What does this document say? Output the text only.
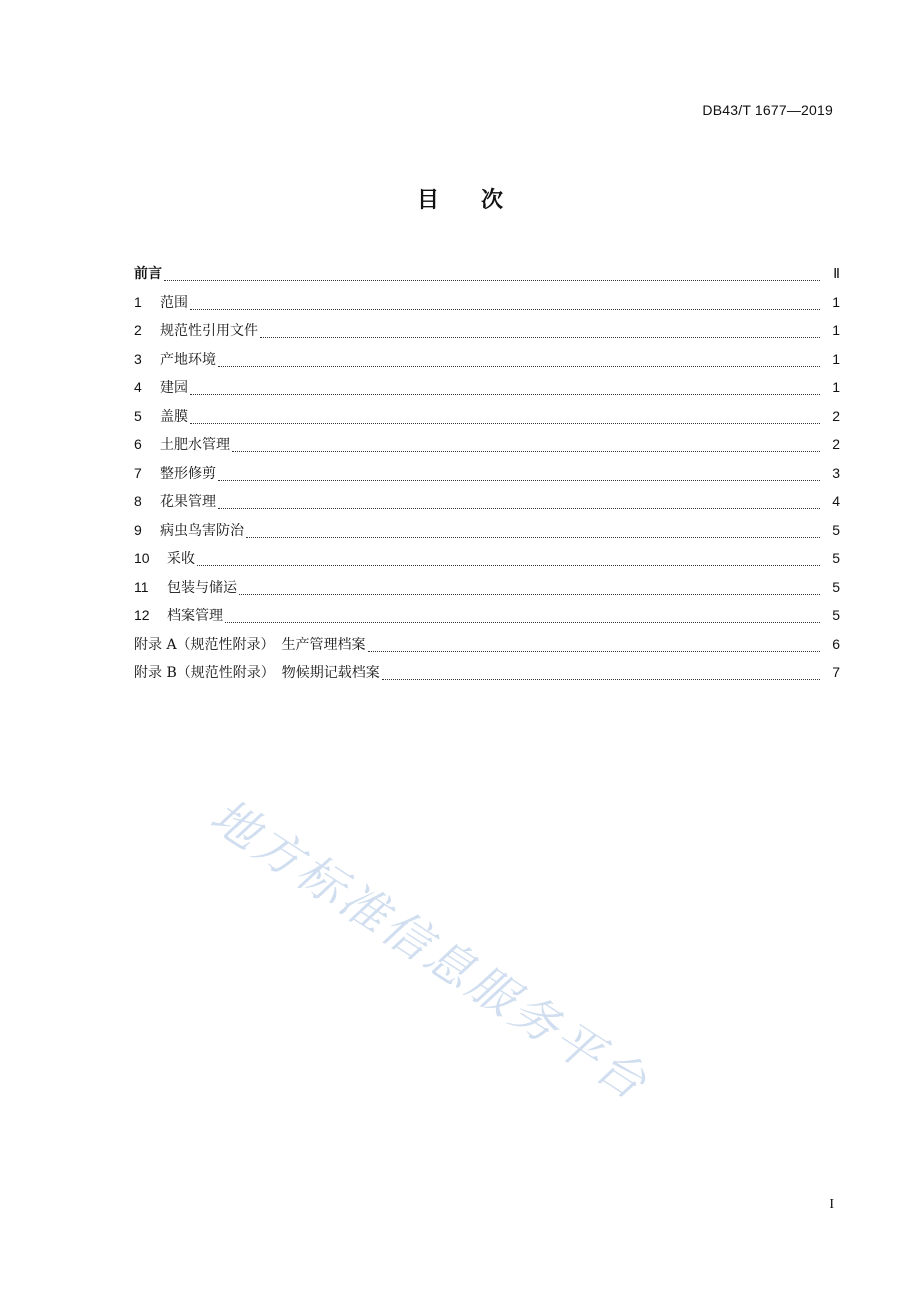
DB43/T 1677—2019
目 次
前言	Ⅱ
1 范围	1
2 规范性引用文件	1
3 产地环境	1
4 建园	1
5 盖膜	2
6 土肥水管理	2
7 整形修剪	3
8 花果管理	4
9 病虫鸟害防治	5
10 采收	5
11 包装与储运	5
12 档案管理	5
附录 A（规范性附录）  生产管理档案	6
附录 B（规范性附录）  物候期记载档案	7
地方标准信息服务平台
I
